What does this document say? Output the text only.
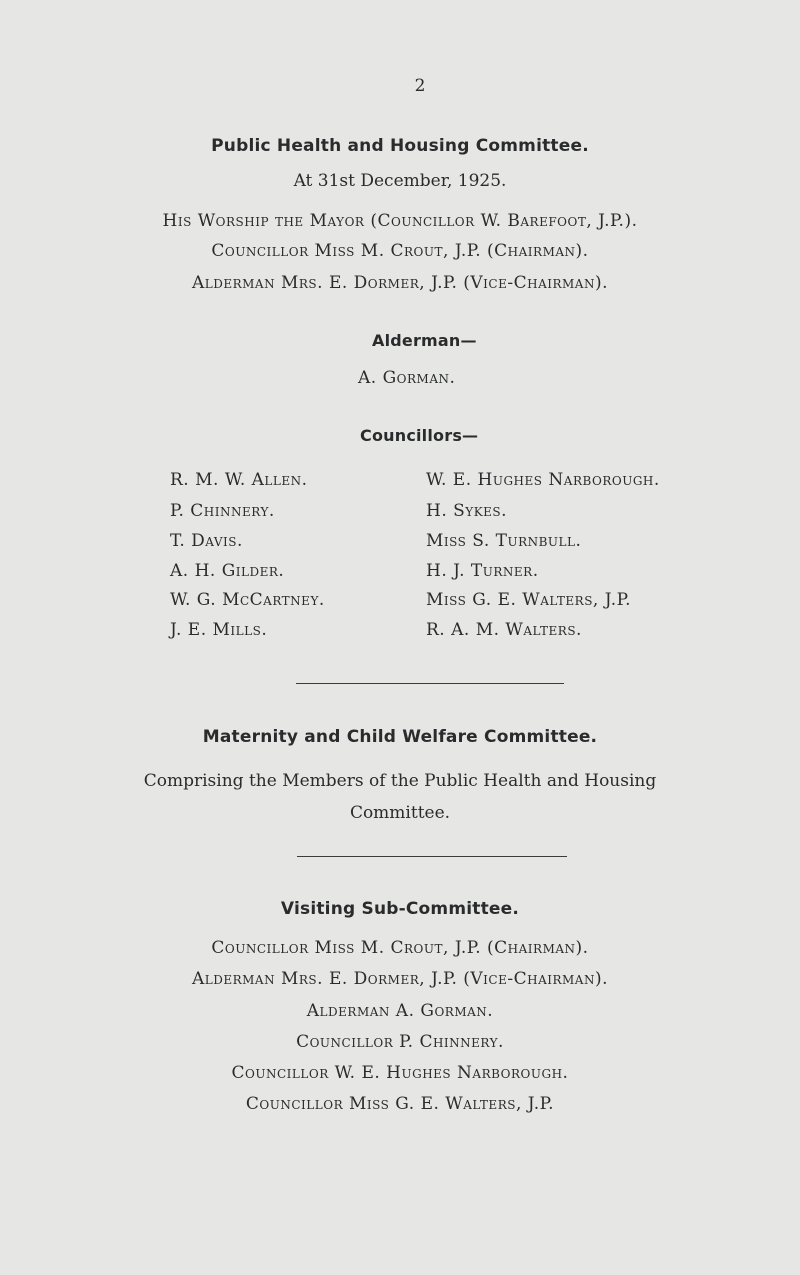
2
Public Health and Housing Committee.
At 31st December, 1925.
His Worship the Mayor (Councillor W. Barefoot, J.P.).
Councillor Miss M. Crout, J.P. (Chairman).
Alderman Mrs. E. Dormer, J.P. (Vice-Chairman).
Alderman—
A. Gorman.
Councillors—
R. M. W. Allen.
P. Chinnery.
T. Davis.
A. H. Gilder.
W. G. McCartney.
J. E. Mills.
W. E. Hughes Narborough.
H. Sykes.
Miss S. Turnbull.
H. J. Turner.
Miss G. E. Walters, J.P.
R. A. M. Walters.
Maternity and Child Welfare Committee.
Comprising the Members of the Public Health and Housing
Committee.
Visiting Sub-Committee.
Councillor Miss M. Crout, J.P. (Chairman).
Alderman Mrs. E. Dormer, J.P. (Vice-Chairman).
Alderman A. Gorman.
Councillor P. Chinnery.
Councillor W. E. Hughes Narborough.
Councillor Miss G. E. Walters, J.P.
